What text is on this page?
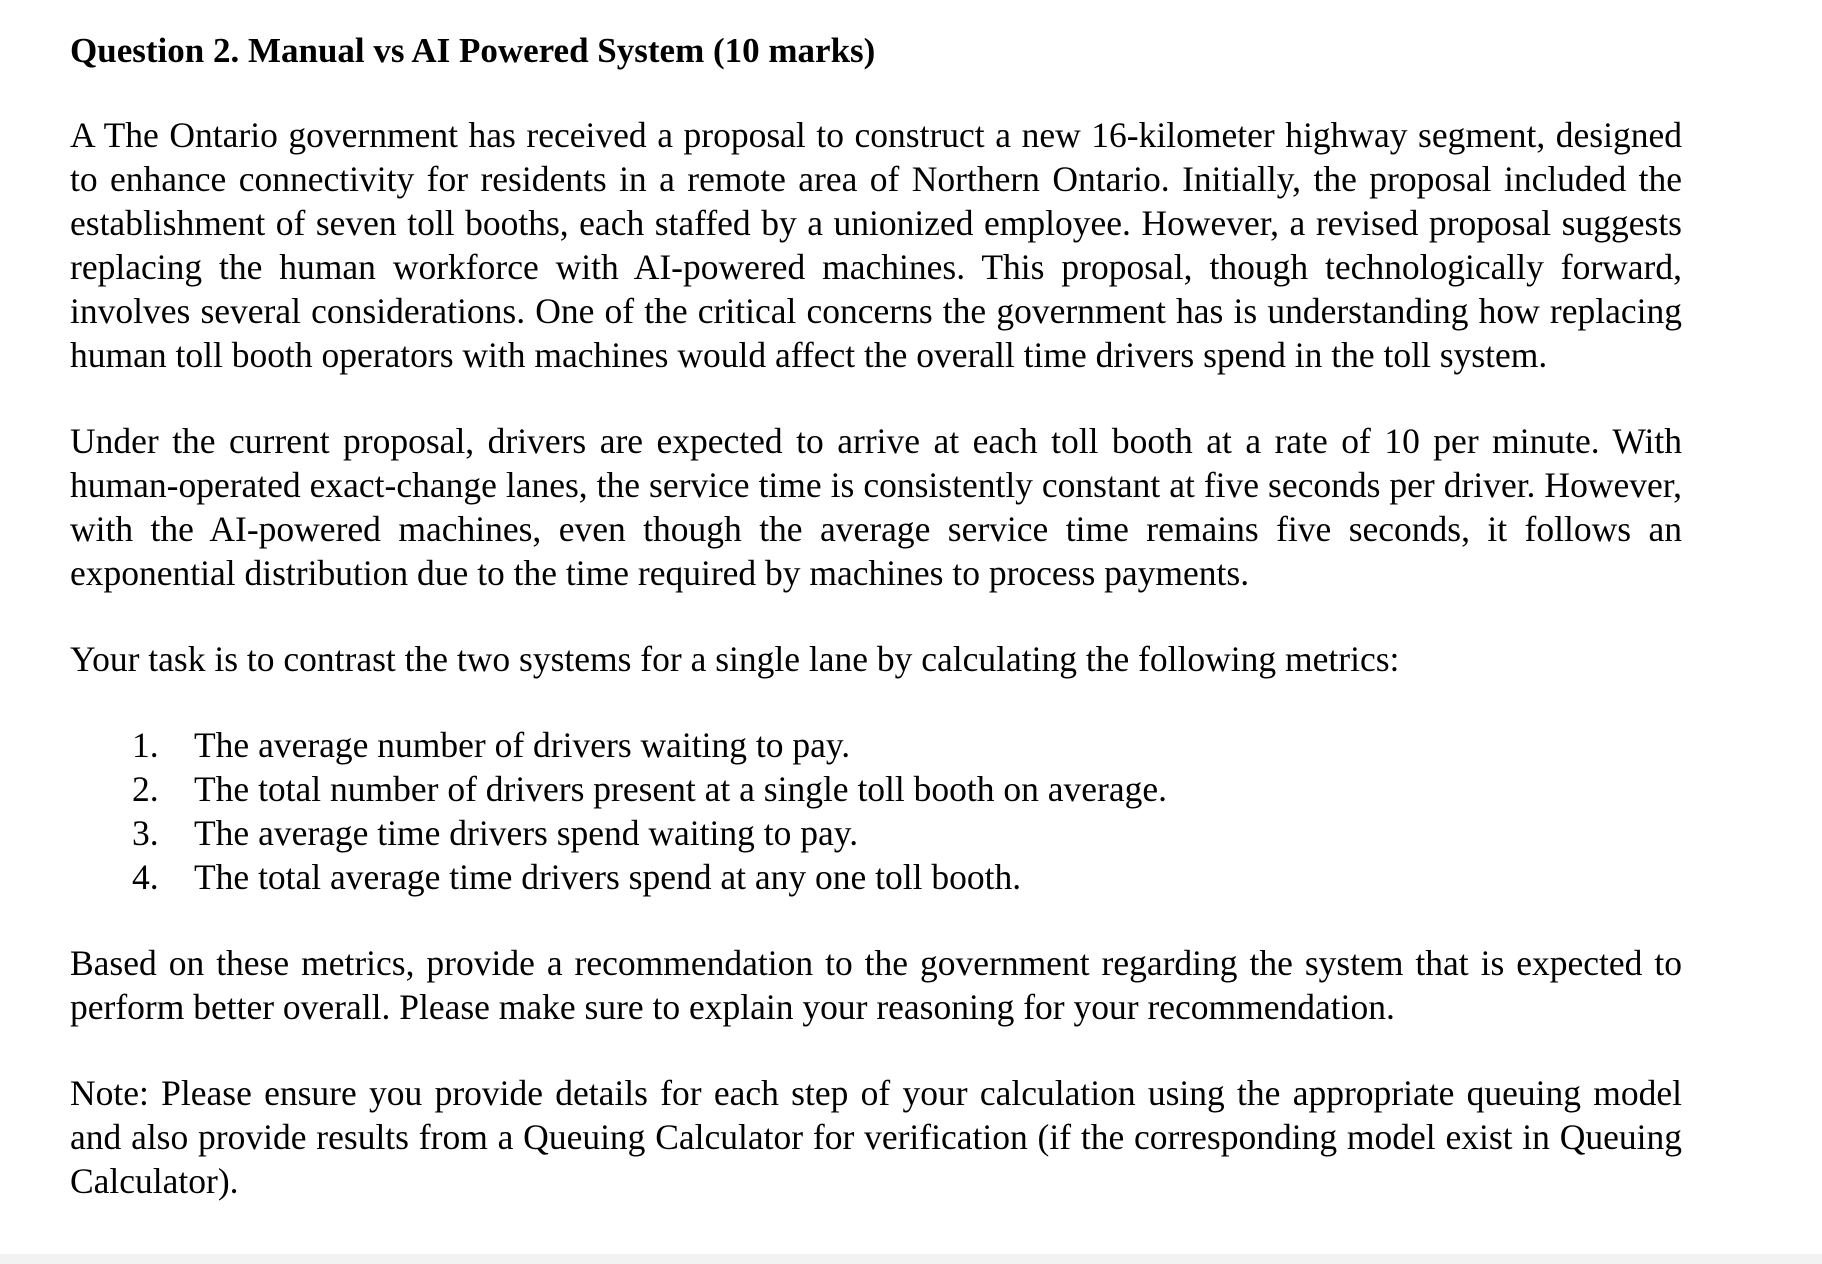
Question 2. Manual vs AI Powered System (10 marks)

A The Ontario government has received a proposal to construct a new 16-kilometer highway segment, designed to enhance connectivity for residents in a remote area of Northern Ontario. Initially, the proposal included the establishment of seven toll booths, each staffed by a unionized employee. However, a revised proposal suggests replacing the human workforce with AI-powered machines. This proposal, though technologically forward, involves several considerations. One of the critical concerns the government has is understanding how replacing human toll booth operators with machines would affect the overall time drivers spend in the toll system.

Under the current proposal, drivers are expected to arrive at each toll booth at a rate of 10 per minute. With human-operated exact-change lanes, the service time is consistently constant at five seconds per driver. However, with the AI-powered machines, even though the average service time remains five seconds, it follows an exponential distribution due to the time required by machines to process payments.

Your task is to contrast the two systems for a single lane by calculating the following metrics:

1. The average number of drivers waiting to pay.
2. The total number of drivers present at a single toll booth on average.
3. The average time drivers spend waiting to pay.
4. The total average time drivers spend at any one toll booth.

Based on these metrics, provide a recommendation to the government regarding the system that is expected to perform better overall. Please make sure to explain your reasoning for your recommendation.

Note: Please ensure you provide details for each step of your calculation using the appropriate queuing model and also provide results from a Queuing Calculator for verification (if the corresponding model exist in Queuing Calculator).
